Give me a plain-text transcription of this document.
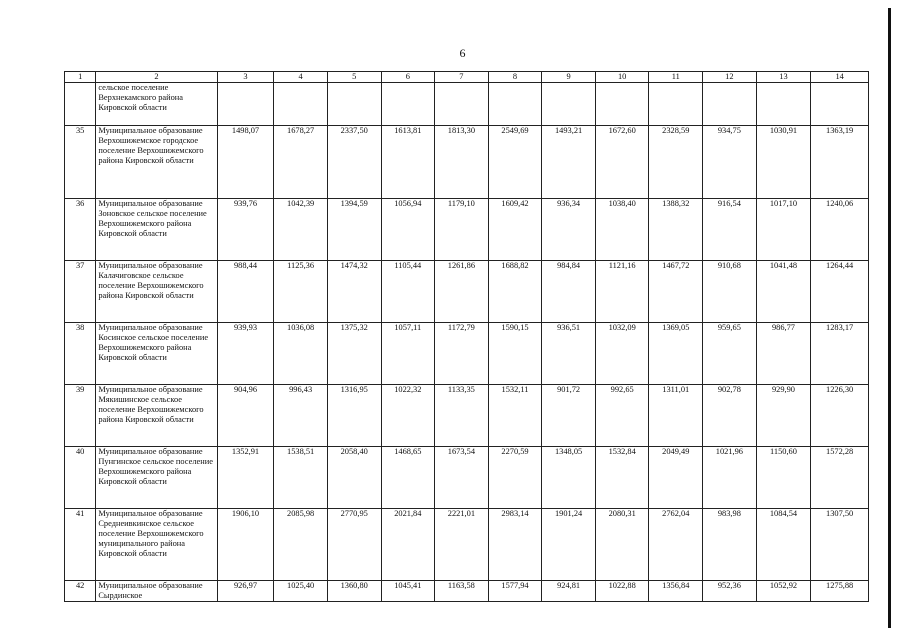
6
1	2	3	4	5	6	7	8	9	10	11	12	13	14
	сельское поселение Верхнекамского района Кировской области												
35	Муниципальное образование Верхошижемское городское поселение Верхошижемского района Кировской области	1498,07	1678,27	2337,50	1613,81	1813,30	2549,69	1493,21	1672,60	2328,59	934,75	1030,91	1363,19
36	Муниципальное образование Зоновское сельское поселение Верхошижемского района Кировской области	939,76	1042,39	1394,59	1056,94	1179,10	1609,42	936,34	1038,40	1388,32	916,54	1017,10	1240,06
37	Муниципальное образование Калачиговское сельское поселение Верхошижемского района Кировской области	988,44	1125,36	1474,32	1105,44	1261,86	1688,82	984,84	1121,16	1467,72	910,68	1041,48	1264,44
38	Муниципальное образование Косинское сельское поселение Верхошижемского района Кировской области	939,93	1036,08	1375,32	1057,11	1172,79	1590,15	936,51	1032,09	1369,05	959,65	986,77	1283,17
39	Муниципальное образование Мякишинское сельское поселение Верхошижемского района Кировской области	904,96	996,43	1316,95	1022,32	1133,35	1532,11	901,72	992,65	1311,01	902,78	929,90	1226,30
40	Муниципальное образование Пунгинское сельское поселение Верхошижемского района Кировской области	1352,91	1538,51	2058,40	1468,65	1673,54	2270,59	1348,05	1532,84	2049,49	1021,96	1150,60	1572,28
41	Муниципальное образование Среднеивкинское сельское поселение Верхошижемского муниципального района Кировской области	1906,10	2085,98	2770,95	2021,84	2221,01	2983,14	1901,24	2080,31	2762,04	983,98	1084,54	1307,50
42	Муниципальное образование Сырдинское	926,97	1025,40	1360,80	1045,41	1163,58	1577,94	924,81	1022,88	1356,84	952,36	1052,92	1275,88
